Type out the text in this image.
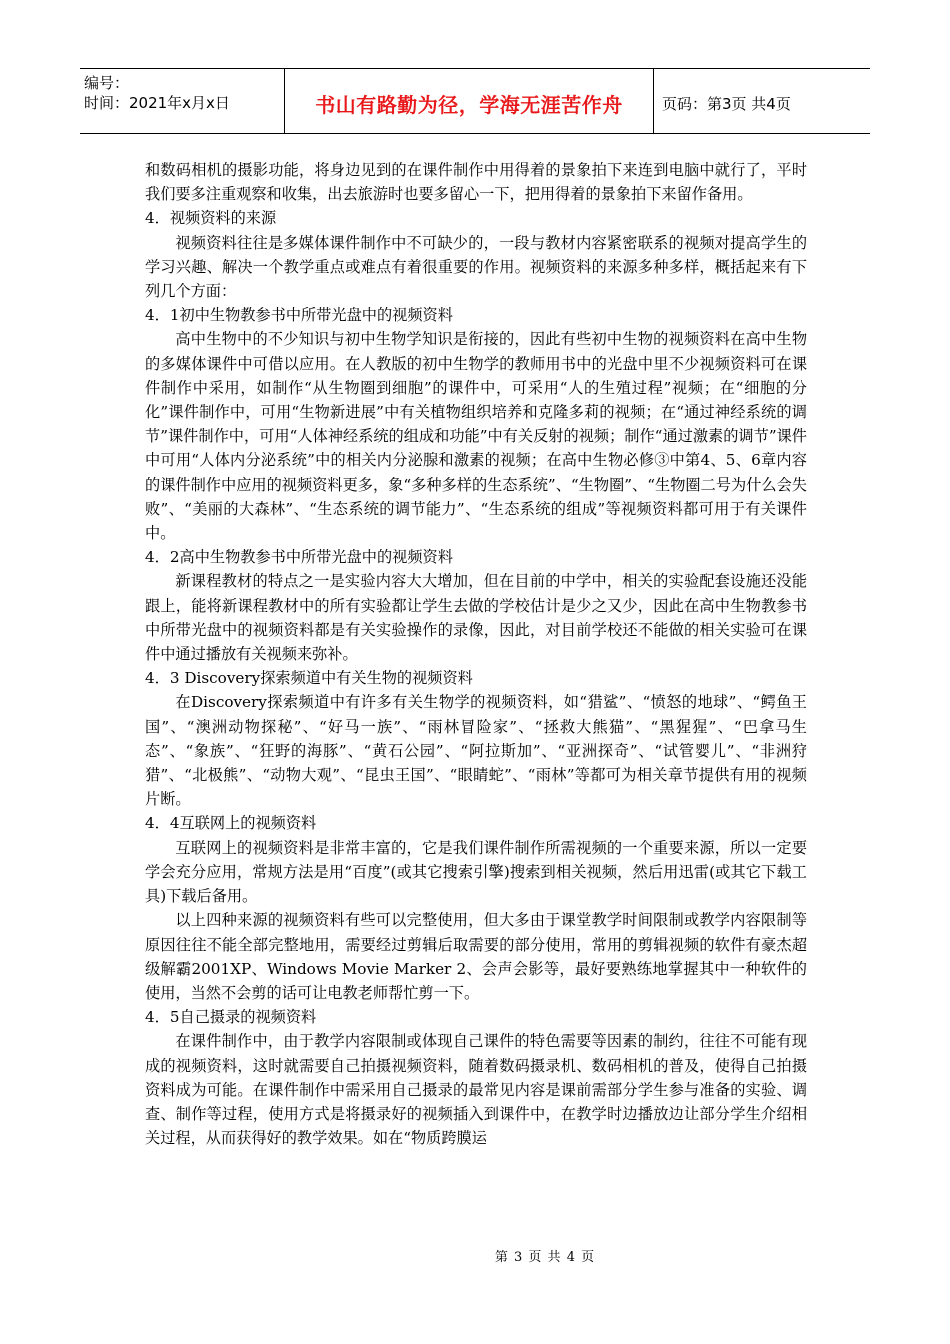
编号：
时间：2021年x月x日	书山有路勤为径，学海无涯苦作舟	页码：第3页 共4页

和数码相机的摄影功能，将身边见到的在课件制作中用得着的景象拍下来连到电脑中就行了，平时我们要多注重观察和收集，出去旅游时也要多留心一下，把用得着的景象拍下来留作备用。

4．视频资料的来源

视频资料往往是多媒体课件制作中不可缺少的，一段与教材内容紧密联系的视频对提高学生的学习兴趣、解决一个教学重点或难点有着很重要的作用。视频资料的来源多种多样，概括起来有下列几个方面：

4．1初中生物教参书中所带光盘中的视频资料

高中生物中的不少知识与初中生物学知识是衔接的，因此有些初中生物的视频资料在高中生物的多媒体课件中可借以应用。在人教版的初中生物学的教师用书中的光盘中里不少视频资料可在课件制作中采用，如制作“从生物圈到细胞”的课件中，可采用“人的生殖过程”视频；在“细胞的分化”课件制作中，可用“生物新进展”中有关植物组织培养和克隆多莉的视频；在“通过神经系统的调节”课件制作中，可用“人体神经系统的组成和功能”中有关反射的视频；制作“通过激素的调节”课件中可用“人体内分泌系统”中的相关内分泌腺和激素的视频；在高中生物必修③中第4、5、6章内容的课件制作中应用的视频资料更多，象“多种多样的生态系统”、“生物圈”、“生物圈二号为什么会失败”、“美丽的大森林”、“生态系统的调节能力”、“生态系统的组成”等视频资料都可用于有关课件中。

4．2高中生物教参书中所带光盘中的视频资料

新课程教材的特点之一是实验内容大大增加，但在目前的中学中，相关的实验配套设施还没能跟上，能将新课程教材中的所有实验都让学生去做的学校估计是少之又少，因此在高中生物教参书中所带光盘中的视频资料都是有关实验操作的录像，因此，对目前学校还不能做的相关实验可在课件中通过播放有关视频来弥补。

4．3 Discovery探索频道中有关生物的视频资料

在Discovery探索频道中有许多有关生物学的视频资料，如“猎鲨”、“愤怒的地球”、“鳄鱼王国”、“澳洲动物探秘”、“好马一族”、“雨林冒险家”、“拯救大熊猫”、“黑猩猩”、“巴拿马生态”、“象族”、“狂野的海豚”、“黄石公园”、“阿拉斯加”、“亚洲探奇”、“试管婴儿”、“非洲狩猎”、“北极熊”、“动物大观”、“昆虫王国”、“眼睛蛇”、“雨林”等都可为相关章节提供有用的视频片断。

4．4互联网上的视频资料

互联网上的视频资料是非常丰富的，它是我们课件制作所需视频的一个重要来源，所以一定要学会充分应用，常规方法是用“百度”(或其它搜索引擎)搜索到相关视频，然后用迅雷(或其它下载工具)下载后备用。

以上四种来源的视频资料有些可以完整使用，但大多由于课堂教学时间限制或教学内容限制等原因往往不能全部完整地用，需要经过剪辑后取需要的部分使用，常用的剪辑视频的软件有豪杰超级解霸2001XP、Windows Movie Marker 2、会声会影等，最好要熟练地掌握其中一种软件的使用，当然不会剪的话可让电教老师帮忙剪一下。

4．5自己摄录的视频资料

在课件制作中，由于教学内容限制或体现自己课件的特色需要等因素的制约，往往不可能有现成的视频资料，这时就需要自己拍摄视频资料，随着数码摄录机、数码相机的普及，使得自己拍摄资料成为可能。在课件制作中需采用自己摄录的最常见内容是课前需部分学生参与准备的实验、调查、制作等过程，使用方式是将摄录好的视频插入到课件中，在教学时边播放边让部分学生介绍相关过程，从而获得好的教学效果。如在“物质跨膜运

第 3 页 共 4 页
